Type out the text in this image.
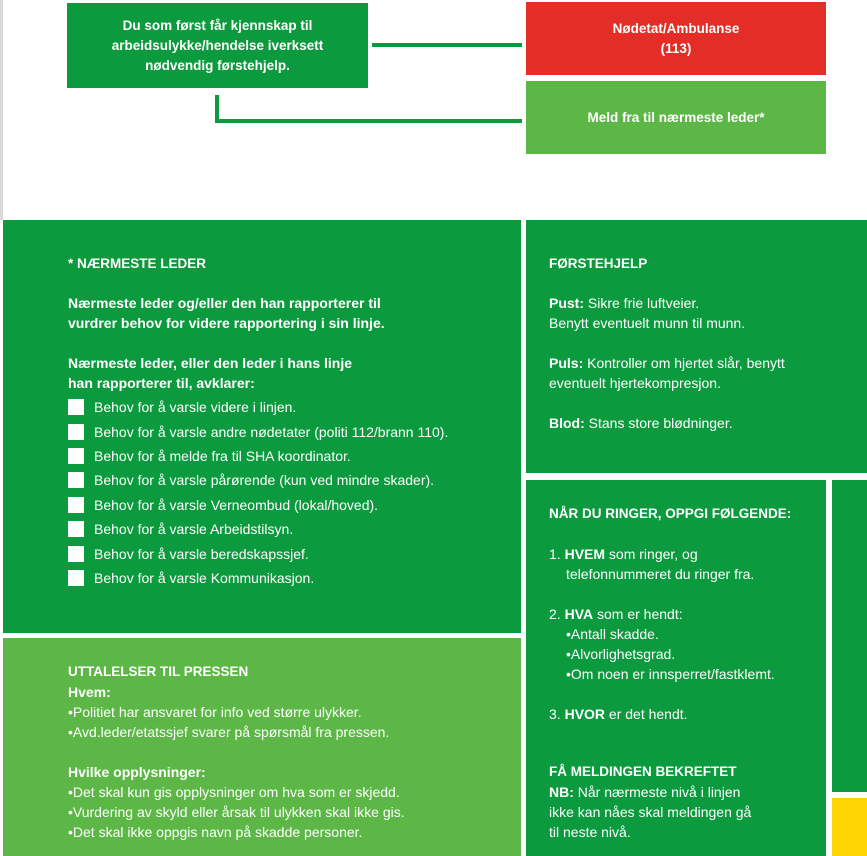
Du som først får kjennskap til
arbeidsulykke/hendelse iverksett
nødvendig førstehjelp.
Nødetat/Ambulanse
(113)
Meld fra til nærmeste leder*
* NÆRMESTE LEDER
Nærmeste leder og/eller den han rapporterer til
vurdrer behov for videre rapportering i sin linje.
Nærmeste leder, eller den leder i hans linje
han rapporterer til, avklarer:
Behov for å varsle videre i linjen.
Behov for å varsle andre nødetater (politi 112/brann 110).
Behov for å melde fra til SHA koordinator.
Behov for å varsle pårørende (kun ved mindre skader).
Behov for å varsle Verneombud (lokal/hoved).
Behov for å varsle Arbeidstilsyn.
Behov for å varsle beredskapssjef.
Behov for å varsle Kommunikasjon.
FØRSTEHJELP
Pust: Sikre frie luftveier.
Benytt eventuelt munn til munn.
Puls: Kontroller om hjertet slår, benytt
eventuelt hjertekompresjon.
Blod: Stans store blødninger.
UTTALELSER TIL PRESSEN
Hvem:
• Politiet har ansvaret for info ved større ulykker.
• Avd.leder/etatssjef svarer på spørsmål fra pressen.
Hvilke opplysninger:
• Det skal kun gis opplysninger om hva som er skjedd.
• Vurdering av skyld eller årsak til ulykken skal ikke gis.
• Det skal ikke oppgis navn på skadde personer.
NÅR DU RINGER, OPPGI FØLGENDE:
1. HVEM som ringer, og
telefonnummeret du ringer fra.
2. HVA som er hendt:
• Antall skadde.
• Alvorlighetsgrad.
• Om noen er innsperret/fastklemt.
3. HVOR er det hendt.
FÅ MELDINGEN BEKREFTET
NB: Når nærmeste nivå i linjen
ikke kan nåes skal meldingen gå
til neste nivå.
